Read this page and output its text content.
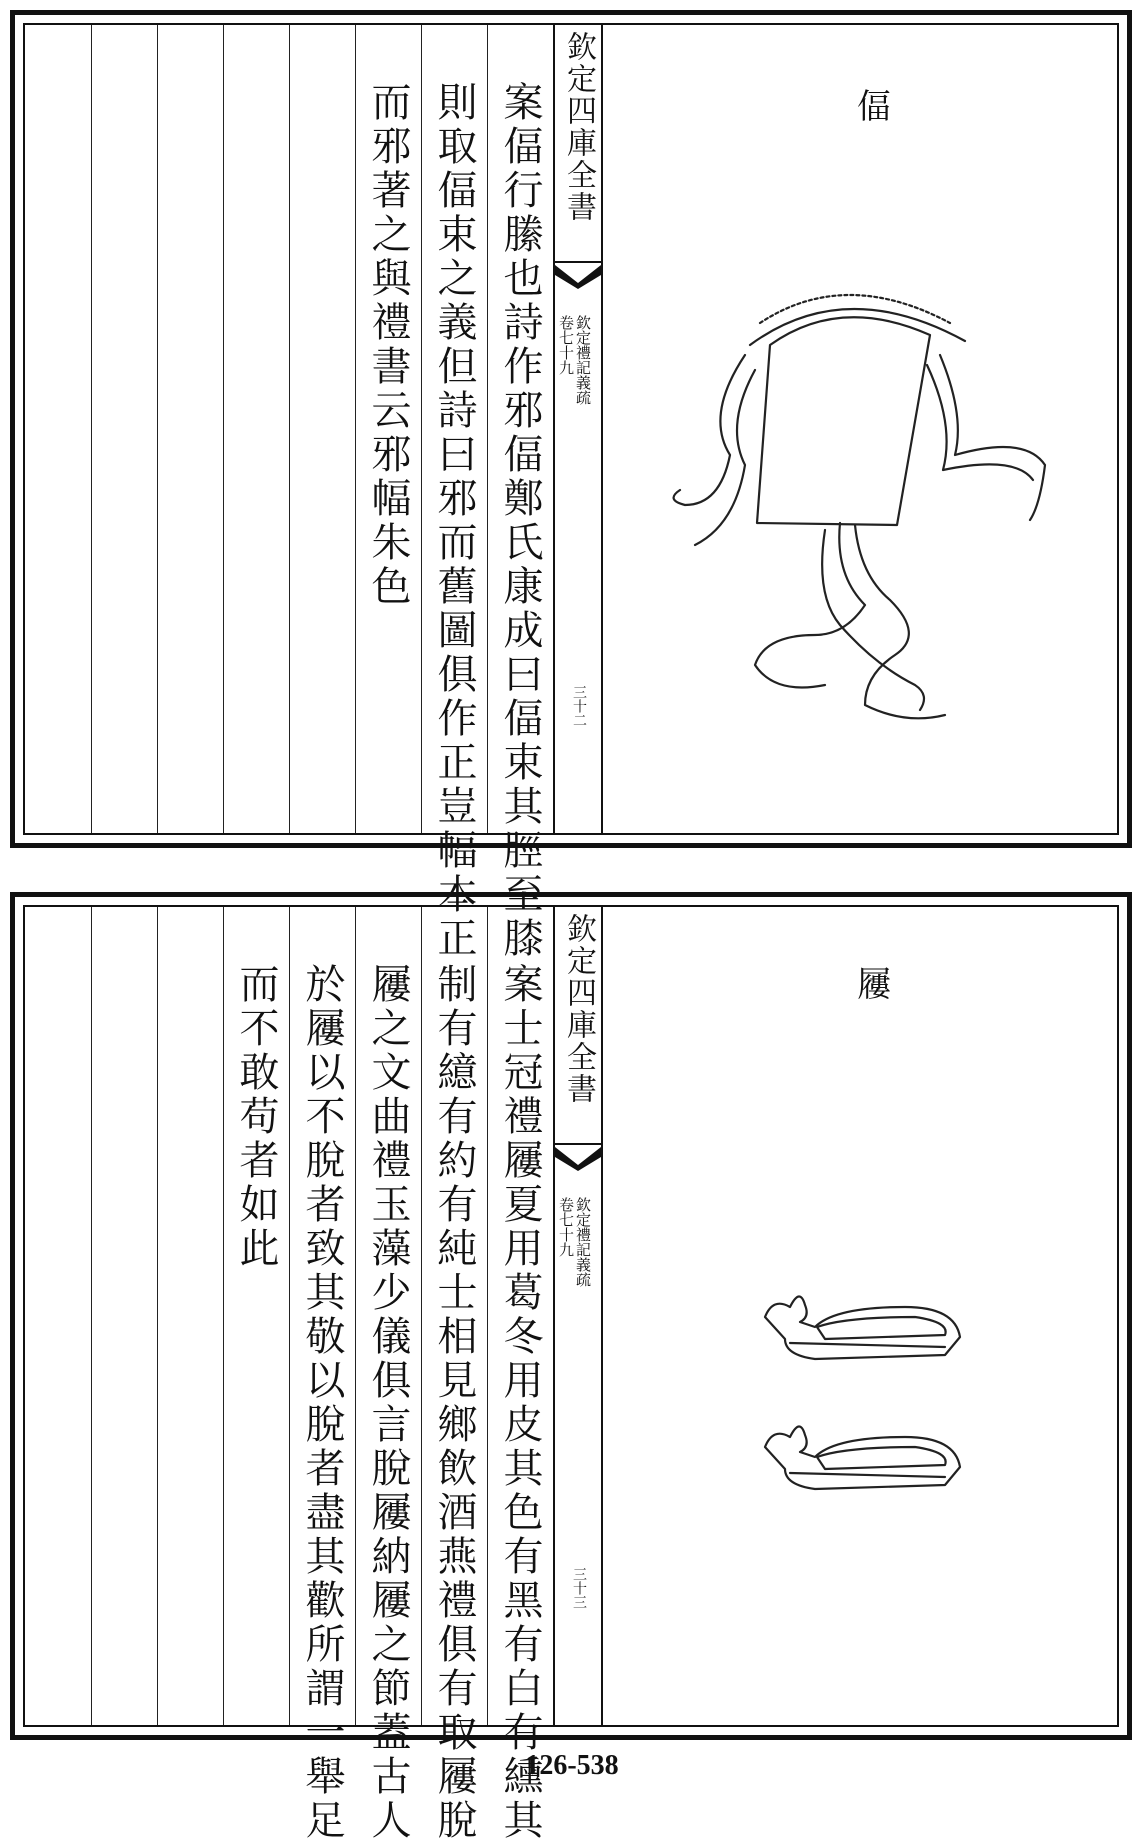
而邪著之與禮書云邪幅朱色 則取偪束之義但詩曰邪而舊圖俱作正豈幅本正 案偪行縢也詩作邪偪鄭氏康成曰偪束其脛至膝 欽定四庫全書
欽定禮記義疏
卷七十九
三十二
偪
而不敢苟者如此 於屨以不脫者致其敬以脫者盡其歡所謂一舉足 屨之文曲禮玉藻少儀俱言脫屨納屨之節蓋古人 制有繶有約有純士相見鄉飲酒燕禮俱有取屨脫 案士冠禮屨夏用葛冬用皮其色有黑有白有纁其 欽定四庫全書
欽定禮記義疏
卷七十九
三十三
屨
126-538
